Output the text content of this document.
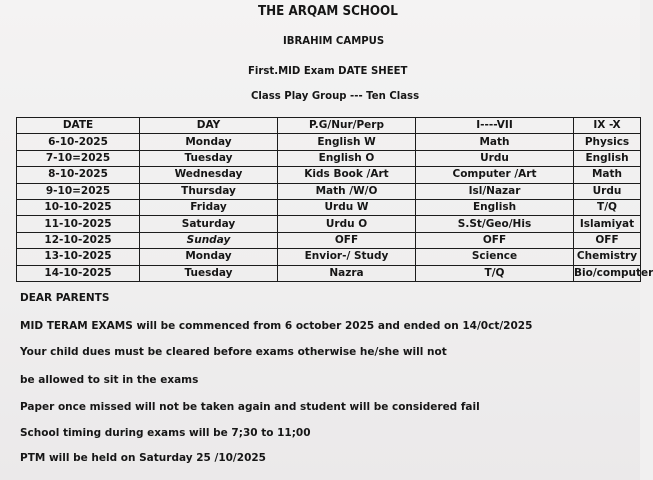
THE ARQAM SCHOOL
IBRAHIM CAMPUS
First.MID Exam DATE SHEET
Class Play Group --- Ten Class
DATE	DAY	P.G/Nur/Perp	I----VII	IX -X
6-10-2025	Monday	English W	Math	Physics
7-10=2025	Tuesday	English O	Urdu	English
8-10-2025	Wednesday	Kids Book /Art	Computer /Art	Math
9-10=2025	Thursday	Math /W/O	Isl/Nazar	Urdu
10-10-2025	Friday	Urdu W	English	T/Q
11-10-2025	Saturday	Urdu O	S.St/Geo/His	Islamiyat
12-10-2025	Sunday	OFF	OFF	OFF
13-10-2025	Monday	Envior-/ Study	Science	Chemistry
14-10-2025	Tuesday	Nazra	T/Q	Bio/computer
DEAR PARENTS
MID TERAM EXAMS will be commenced from 6 october 2025 and ended on 14/0ct/2025
Your child dues must be cleared before exams otherwise he/she will not
be allowed to sit in the exams
Paper once missed will not be taken again and student will be considered fail
School timing during exams will be 7;30 to 11;00
PTM will be held on Saturday 25 /10/2025
